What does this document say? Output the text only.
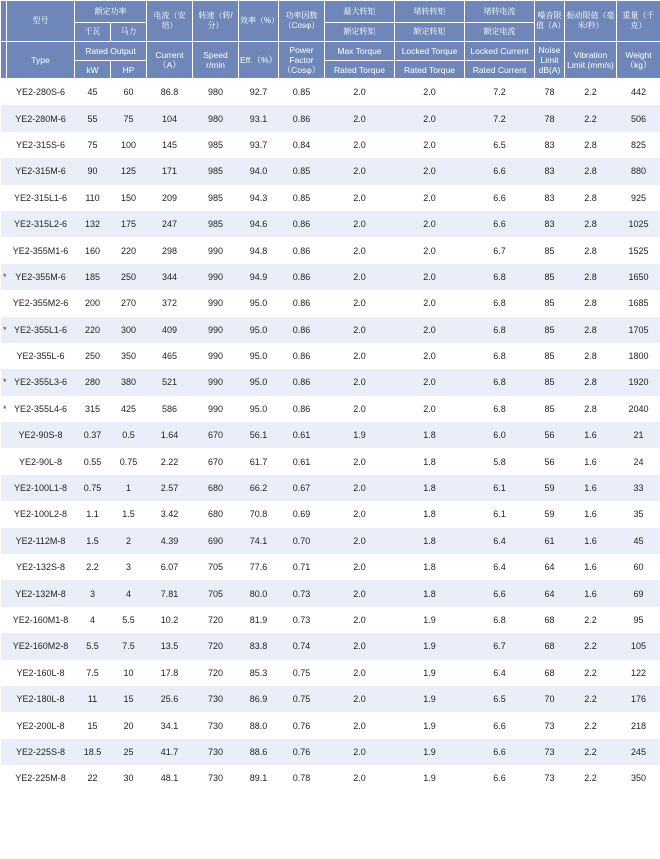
	型号	额定功率		电流（安培）	转速（转/分）	效率（%）	功率因数（Cosφ）	最大转矩	堵转转矩	堵转电流	噪音限值（A）	振动限值（毫米/秒）	重量（千克）
		千瓦	马力					额定转矩	额定转矩	额定电流			
	Type	Rated Output		Current（A）	Speed r/min	Eff.（%）	Power Factor（Cosφ）	Max Torque	Locked Torque	Locked Current	Noise Limit dB(A)	Vibration Limit (mm/s)	Weight（kg）
		kW	HP					Rated Torque	Rated Torque	Rated Current			
	YE2-280S-6	45	60	86.8	980	92.7	0.85	2.0	2.0	7.2	78	2.2	442
	YE2-280M-6	55	75	104	980	93.1	0.86	2.0	2.0	7.2	78	2.2	506
	YE2-315S-6	75	100	145	985	93.7	0.84	2.0	2.0	6.5	83	2.8	825
	YE2-315M-6	90	125	171	985	94.0	0.85	2.0	2.0	6.6	83	2.8	880
	YE2-315L1-6	110	150	209	985	94.3	0.85	2.0	2.0	6.6	83	2.8	925
	YE2-315L2-6	132	175	247	985	94.6	0.86	2.0	2.0	6.6	83	2.8	1025
	YE2-355M1-6	160	220	298	990	94.8	0.86	2.0	2.0	6.7	85	2.8	1525
*	YE2-355M-6	185	250	344	990	94.9	0.86	2.0	2.0	6.8	85	2.8	1650
	YE2-355M2-6	200	270	372	990	95.0	0.86	2.0	2.0	6.8	85	2.8	1685
*	YE2-355L1-6	220	300	409	990	95.0	0.86	2.0	2.0	6.8	85	2.8	1705
	YE2-355L-6	250	350	465	990	95.0	0.86	2.0	2.0	6.8	85	2.8	1800
*	YE2-355L3-6	280	380	521	990	95.0	0.86	2.0	2.0	6.8	85	2.8	1920
*	YE2-355L4-6	315	425	586	990	95.0	0.86	2.0	2.0	6.8	85	2.8	2040
	YE2-90S-8	0.37	0.5	1.64	670	56.1	0.61	1.9	1.8	6.0	56	1.6	21
	YE2-90L-8	0.55	0.75	2.22	670	61.7	0.61	2.0	1.8	5.8	56	1.6	24
	YE2-100L1-8	0.75	1	2.57	680	66.2	0.67	2.0	1.8	6.1	59	1.6	33
	YE2-100L2-8	1.1	1.5	3.42	680	70.8	0.69	2.0	1.8	6.1	59	1.6	35
	YE2-112M-8	1.5	2	4.39	690	74.1	0.70	2.0	1.8	6.4	61	1.6	45
	YE2-132S-8	2.2	3	6.07	705	77.6	0.71	2.0	1.8	6.4	64	1.6	60
	YE2-132M-8	3	4	7.81	705	80.0	0.73	2.0	1.8	6.6	64	1.6	69
	YE2-160M1-8	4	5.5	10.2	720	81.9	0.73	2.0	1.9	6.8	68	2.2	95
	YE2-160M2-8	5.5	7.5	13.5	720	83.8	0.74	2.0	1.9	6.7	68	2.2	105
	YE2-160L-8	7.5	10	17.8	720	85.3	0.75	2.0	1.9	6.4	68	2.2	122
	YE2-180L-8	11	15	25.6	730	86.9	0.75	2.0	1.9	6.5	70	2.2	176
	YE2-200L-8	15	20	34.1	730	88.0	0.76	2.0	1.9	6.6	73	2.2	218
	YE2-225S-8	18.5	25	41.7	730	88.6	0.76	2.0	1.9	6.6	73	2.2	245
	YE2-225M-8	22	30	48.1	730	89.1	0.78	2.0	1.9	6.6	73	2.2	350
